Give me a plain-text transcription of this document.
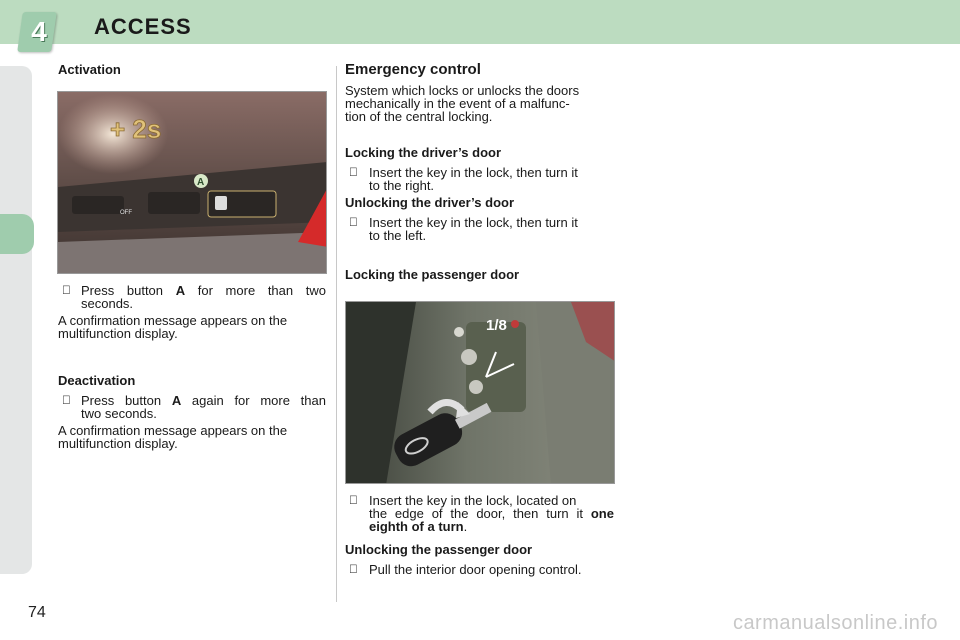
4	ACCESS
Activation
+ 2s
A
OFF
Press button A for more than two
seconds.
A confirmation message appears on the
multifunction display.
Deactivation
Press button A again for more than
two seconds.
A confirmation message appears on the
multifunction display.
Emergency control
System which locks or unlocks the doors
mechanically in the event of a malfunc-
tion of the central locking.
Locking the driver’s door
Insert the key in the lock, then turn it
to the right.
Unlocking the driver’s door
Insert the key in the lock, then turn it
to the left.
Locking the passenger door
1/8
Insert the key in the lock, located on
the edge of the door, then turn it one
eighth of a turn.
Unlocking the passenger door
Pull the interior door opening control.
74	carmanualsonline.info
